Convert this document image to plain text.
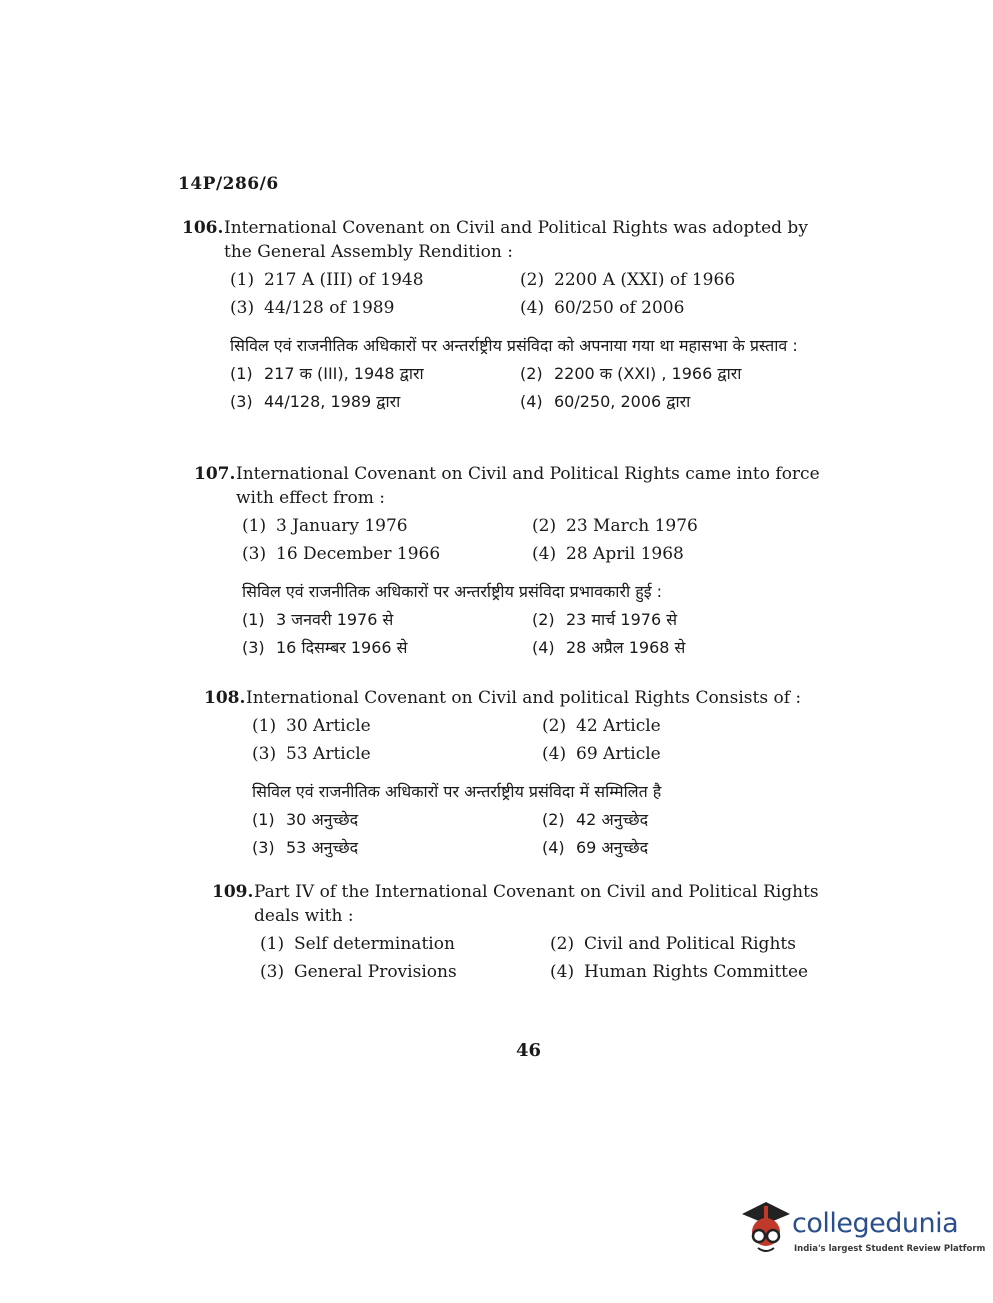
14P/286/6
106. International Covenant on Civil and Political Rights was adopted by the General Assembly Rendition :
(1) 217 A (III) of 1948	(2) 2200 A (XXI) of 1966
(3) 44/128 of 1989	(4) 60/250 of 2006
सिविल एवं राजनीतिक अधिकारों पर अन्तर्राष्ट्रीय प्रसंविदा को अपनाया गया था महासभा के प्रस्ताव :
(1) 217 क (III), 1948 द्वारा	(2) 2200 क (XXI) , 1966 द्वारा
(3) 44/128, 1989 द्वारा	(4) 60/250, 2006 द्वारा
107. International Covenant on Civil and Political Rights came into force with effect from :
(1) 3 January 1976	(2) 23 March 1976
(3) 16 December 1966	(4) 28 April 1968
सिविल एवं राजनीतिक अधिकारों पर अन्तर्राष्ट्रीय प्रसंविदा प्रभावकारी हुई :
(1) 3 जनवरी 1976 से	(2) 23 मार्च 1976 से
(3) 16 दिसम्बर 1966 से	(4) 28 अप्रैल 1968 से
108. International Covenant on Civil and political Rights Consists of :
(1) 30 Article	(2) 42 Article
(3) 53 Article	(4) 69 Article
सिविल एवं राजनीतिक अधिकारों पर अन्तर्राष्ट्रीय प्रसंविदा में सम्मिलित है
(1) 30 अनुच्छेद	(2) 42 अनुच्छेद
(3) 53 अनुच्छेद	(4) 69 अनुच्छेद
109. Part IV of the International Covenant on Civil and Political Rights deals with :
(1) Self determination	(2) Civil and Political Rights
(3) General Provisions	(4) Human Rights Committee
46
collegedunia
India's largest Student Review Platform
